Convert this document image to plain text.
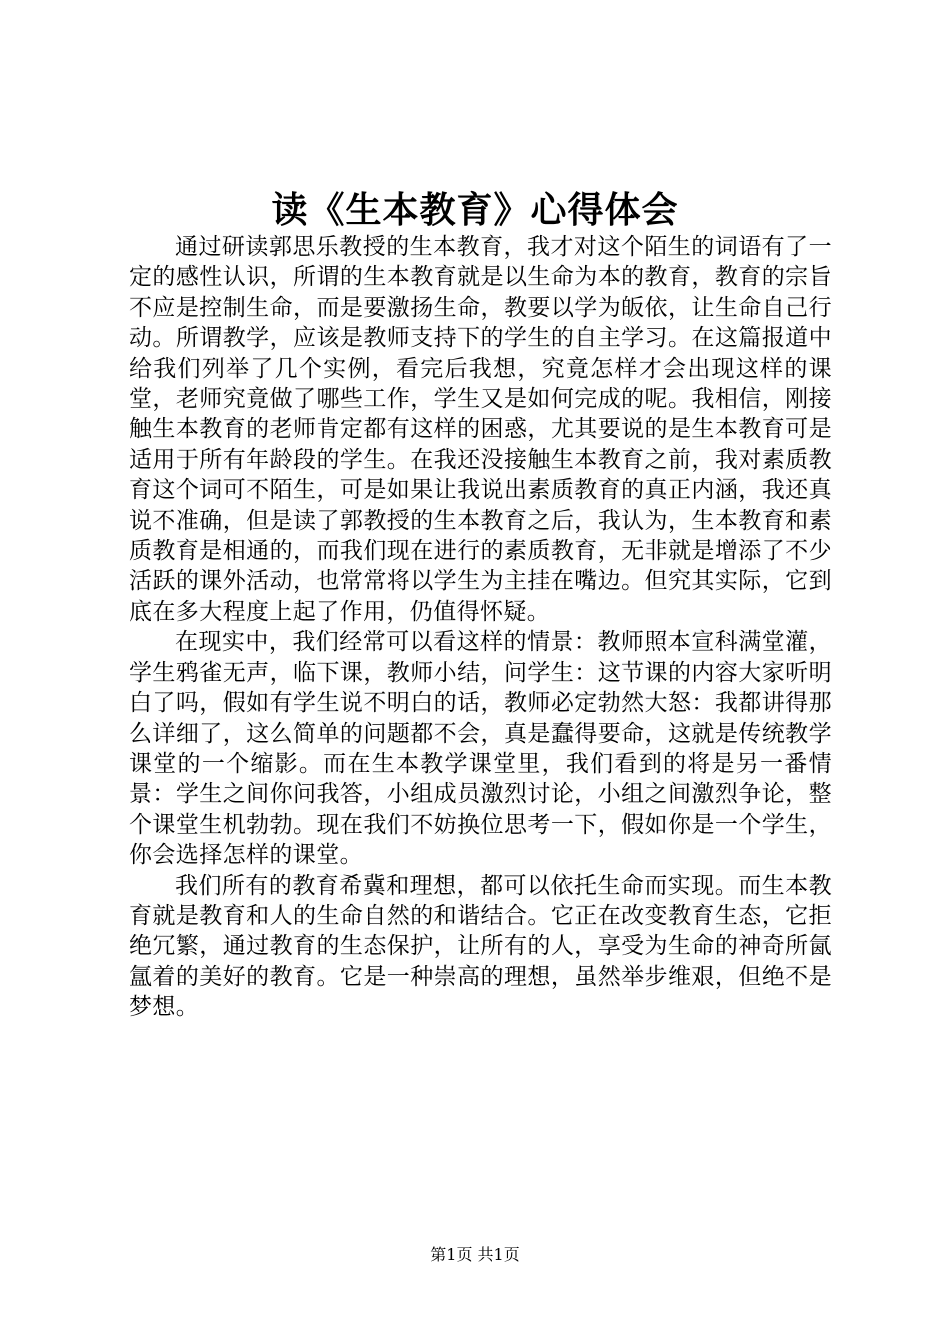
读《生本教育》心得体会

通过研读郭思乐教授的生本教育，我才对这个陌生的词语有了一定的感性认识，所谓的生本教育就是以生命为本的教育，教育的宗旨不应是控制生命，而是要激扬生命，教要以学为皈依，让生命自己行动。所谓教学，应该是教师支持下的学生的自主学习。在这篇报道中给我们列举了几个实例，看完后我想，究竟怎样才会出现这样的课堂，老师究竟做了哪些工作，学生又是如何完成的呢。我相信，刚接触生本教育的老师肯定都有这样的困惑，尤其要说的是生本教育可是适用于所有年龄段的学生。在我还没接触生本教育之前，我对素质教育这个词可不陌生，可是如果让我说出素质教育的真正内涵，我还真说不准确，但是读了郭教授的生本教育之后，我认为，生本教育和素质教育是相通的，而我们现在进行的素质教育，无非就是增添了不少活跃的课外活动，也常常将以学生为主挂在嘴边。但究其实际，它到底在多大程度上起了作用，仍值得怀疑。

在现实中，我们经常可以看这样的情景：教师照本宣科满堂灌，学生鸦雀无声，临下课，教师小结，问学生：这节课的内容大家听明白了吗，假如有学生说不明白的话，教师必定勃然大怒：我都讲得那么详细了，这么简单的问题都不会，真是蠢得要命，这就是传统教学课堂的一个缩影。而在生本教学课堂里，我们看到的将是另一番情景：学生之间你问我答，小组成员激烈讨论，小组之间激烈争论，整个课堂生机勃勃。现在我们不妨换位思考一下，假如你是一个学生，你会选择怎样的课堂。

我们所有的教育希冀和理想，都可以依托生命而实现。而生本教育就是教育和人的生命自然的和谐结合。它正在改变教育生态，它拒绝冗繁，通过教育的生态保护，让所有的人，享受为生命的神奇所氤氲着的美好的教育。它是一种崇高的理想，虽然举步维艰，但绝不是梦想。

第1页 共1页
